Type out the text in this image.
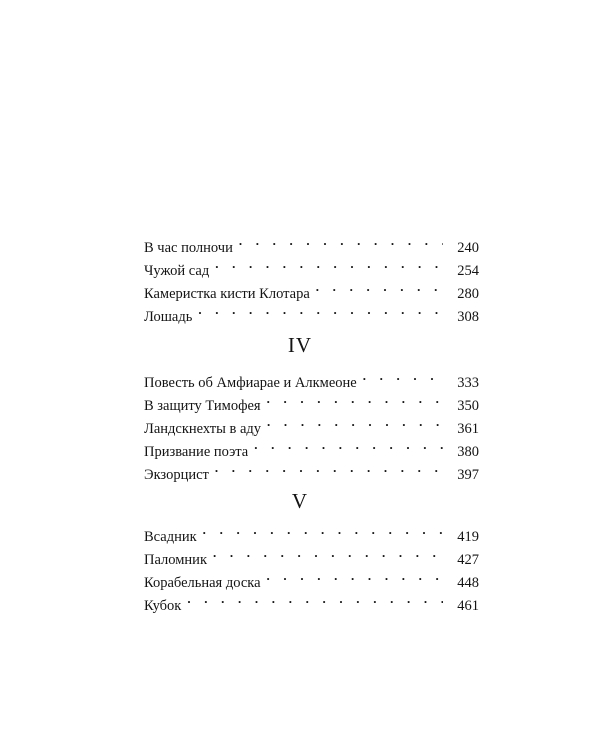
В час полночи . . .	240
Чужой сад . . .	254
Камеристка кисти Клотара . . .	280
Лошадь . . .	308
IV
Повесть об Амфиарае и Алкмеоне . . .	333
В защиту Тимофея . . .	350
Ландскнехты в аду . . .	361
Призвание поэта . . .	380
Экзорцист . . .	397
V
Всадник . . .	419
Паломник . . .	427
Корабельная доска . . .	448
Кубок . . .	461
